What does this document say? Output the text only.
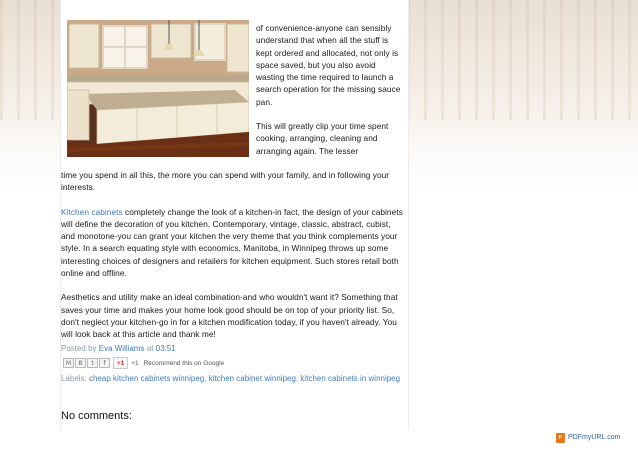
of convenience-anyone can sensibly understand that when all the stuff is kept ordered and allocated, not only is space saved, but you also avoid wasting the time required to launch a search operation for the missing sauce pan.

This will greatly clip your time spent cooking, arranging, cleaning and arranging again. The lesser

time you spend in all this, the more you can spend with your family, and in following your interests.

Kitchen cabinets completely change the look of a kitchen-in fact, the design of your cabinets will define the decoration of you kitchen. Contemporary, vintage, classic, abstract, cubist, and monotone-you can grant your kitchen the very theme that you think complements your style. In a search equating style with economics, Manitoba, in Winnipeg throws up some interesting choices of designers and retailers for kitchen equipment. Such stores retail both online and offline.

Aesthetics and utility make an ideal combination-and who wouldn't want it? Something that saves your time and makes your home look good should be on top of your priority list. So, don't neglect your kitchen-go in for a kitchen modification today, if you haven't already. You will look back at this article and thank me!

Posted by Eva Williams at 03:51
M	B	t	f	+1 +1 Recommend this on Google
Labels: cheap kitchen cabinets winnipeg, kitchen cabinet winnipeg, kitchen cabinets in winnipeg
No comments:
P PDFmyURL.com
